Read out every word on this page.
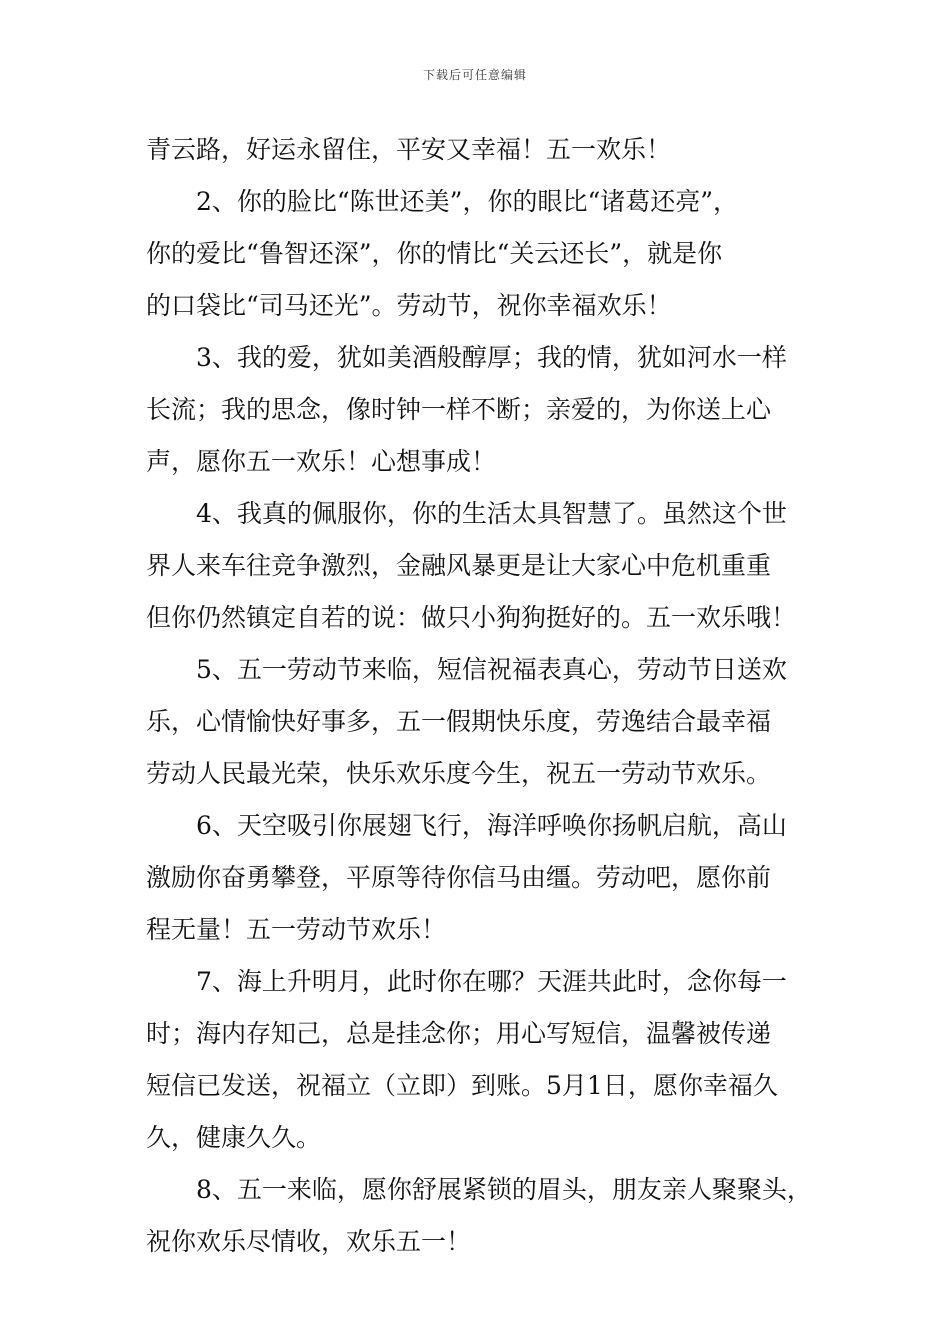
下载后可任意编辑
青云路，好运永留住，平安又幸福！五一欢乐！
2、你的脸比“陈世还美”，你的眼比“诸葛还亮”，
你的爱比“鲁智还深”，你的情比“关云还长”，就是你
的口袋比“司马还光”。劳动节，祝你幸福欢乐！
3、我的爱，犹如美酒般醇厚；我的情，犹如河水一样
长流；我的思念，像时钟一样不断；亲爱的，为你送上心
声，愿你五一欢乐！心想事成！
4、我真的佩服你，你的生活太具智慧了。虽然这个世
界人来车往竞争激烈，金融风暴更是让大家心中危机重重
但你仍然镇定自若的说：做只小狗狗挺好的。五一欢乐哦！
5、五一劳动节来临，短信祝福表真心，劳动节日送欢
乐，心情愉快好事多，五一假期快乐度，劳逸结合最幸福
劳动人民最光荣，快乐欢乐度今生，祝五一劳动节欢乐。
6、天空吸引你展翅飞行，海洋呼唤你扬帆启航，高山
激励你奋勇攀登，平原等待你信马由缰。劳动吧，愿你前
程无量！五一劳动节欢乐！
7、海上升明月，此时你在哪？天涯共此时，念你每一
时；海内存知己，总是挂念你；用心写短信，温馨被传递
短信已发送，祝福立（立即）到账。5月1日，愿你幸福久
久，健康久久。
8、五一来临，愿你舒展紧锁的眉头，朋友亲人聚聚头，
祝你欢乐尽情收，欢乐五一！
